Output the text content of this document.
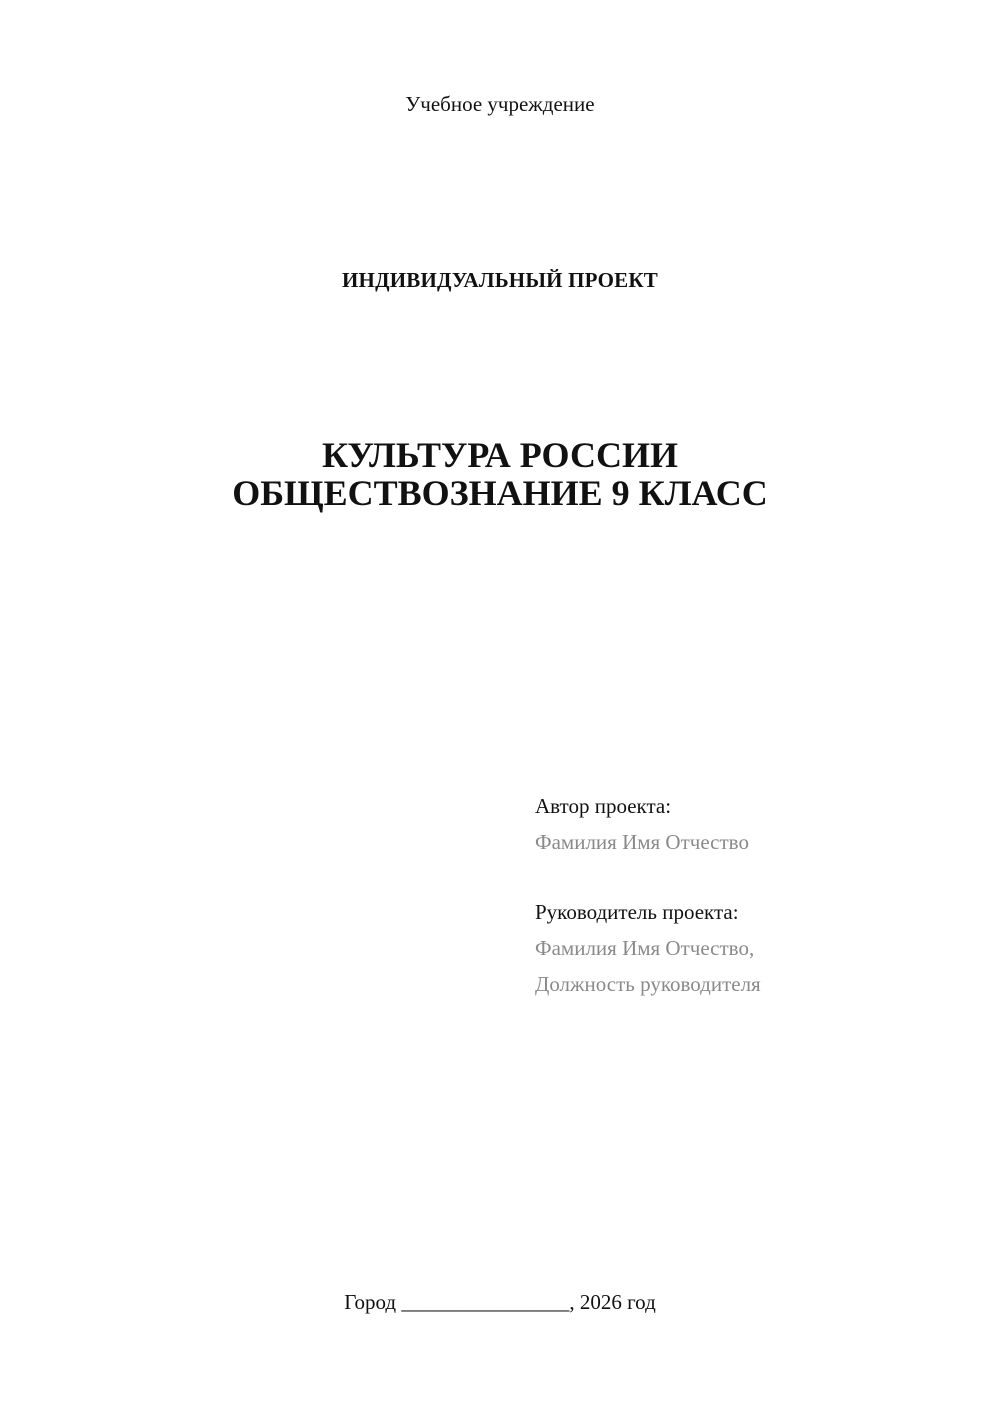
Учебное учреждение
ИНДИВИДУАЛЬНЫЙ ПРОЕКТ
КУЛЬТУРА РОССИИ
ОБЩЕСТВОЗНАНИЕ 9 КЛАСС
Автор проекта:
Фамилия Имя Отчество
Руководитель проекта:
Фамилия Имя Отчество,
Должность руководителя
Город ________________, 2026 год
